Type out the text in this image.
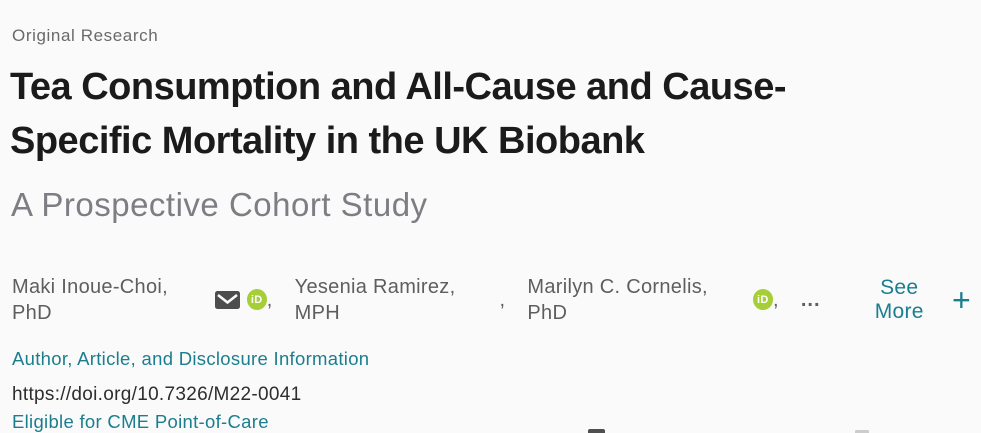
Original Research
Tea Consumption and All-Cause and Cause-Specific Mortality in the UK Biobank
A Prospective Cohort Study
Maki Inoue-Choi, PhD
iD ,
Yesenia Ramirez, MPH
,
Marilyn C. Cornelis, PhD
iD , ...
See More +
Author, Article, and Disclosure Information

https://doi.org/10.7326/M22-0041
Eligible for CME Point-of-Care
